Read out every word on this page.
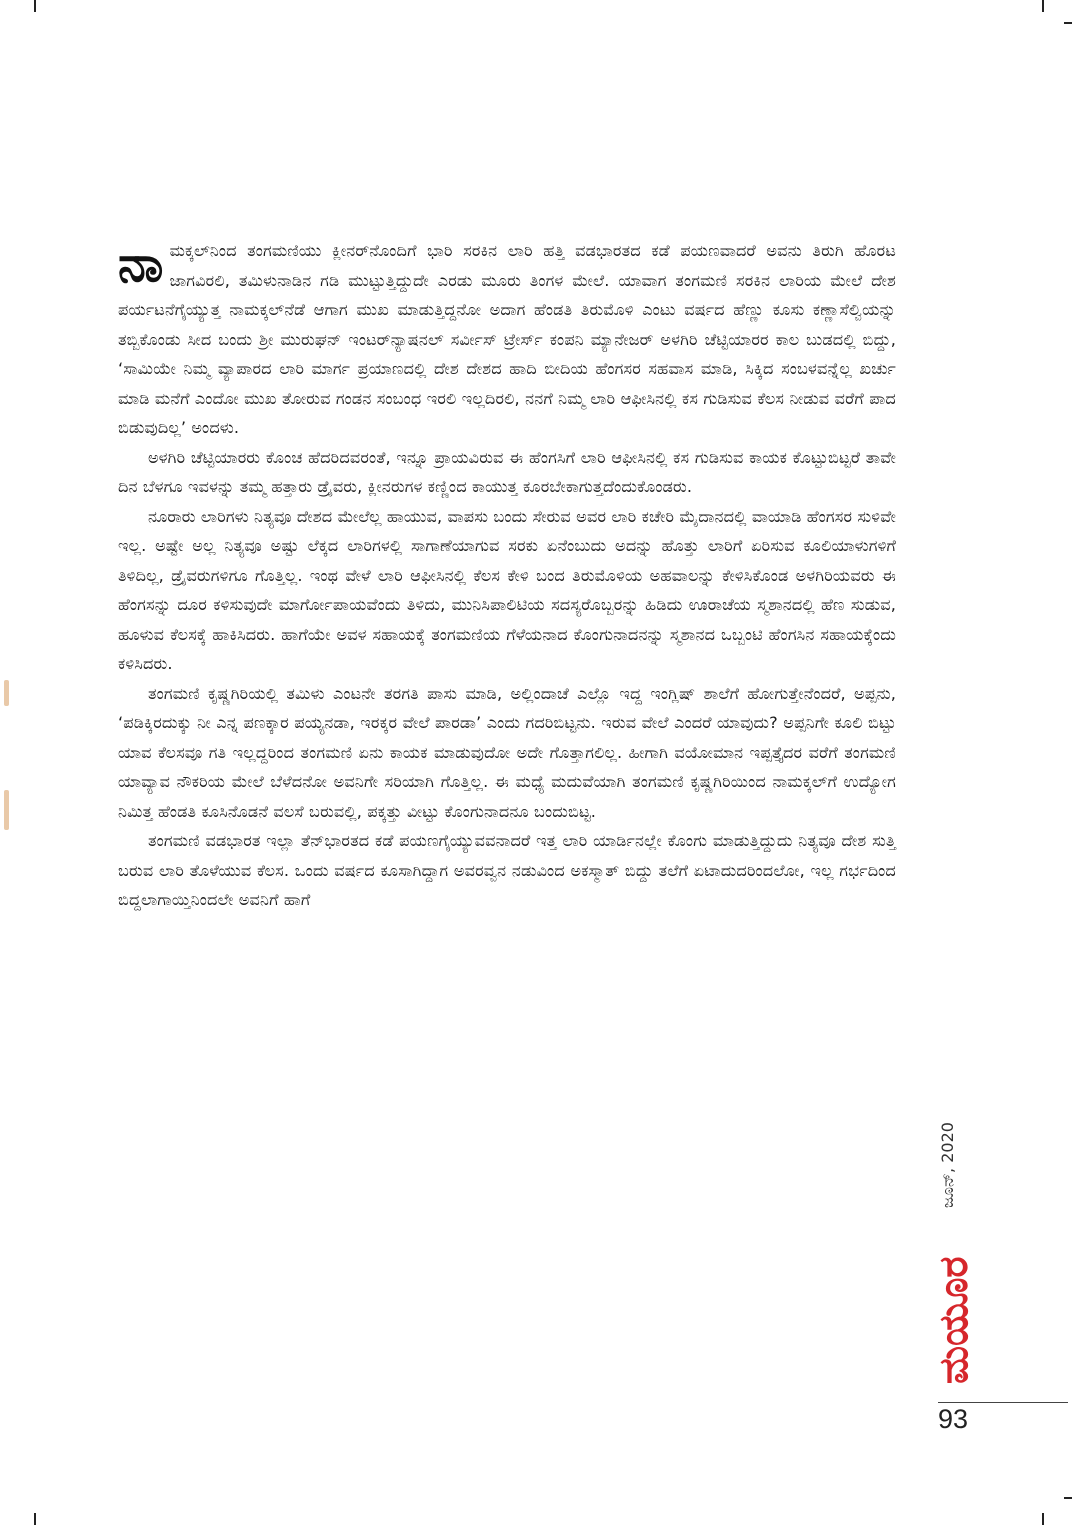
ನಾಮಕ್ಕಲ್‌ನಿಂದ ತಂಗಮಣಿಯು ಕ್ಲೀನರ್‌ನೊಂದಿಗೆ ಭಾರಿ ಸರಕಿನ ಲಾರಿ ಹತ್ತಿ ವಡಭಾರತದ ಕಡೆ ಪಯಣವಾದರೆ ಅವನು ತಿರುಗಿ ಹೊರಟ ಜಾಗವಿರಲಿ, ತಮಿಳುನಾಡಿನ ಗಡಿ ಮುಟ್ಟುತ್ತಿದ್ದುದೇ ಎರಡು ಮೂರು ತಿಂಗಳ ಮೇಲೆ. ಯಾವಾಗ ತಂಗಮಣಿ ಸರಕಿನ ಲಾರಿಯ ಮೇಲೆ ದೇಶ ಪರ್ಯಟನೆಗೈಯ್ಯುತ್ತ ನಾಮಕ್ಕಲ್‌ನೆಡೆ ಆಗಾಗ ಮುಖ ಮಾಡುತ್ತಿದ್ದನೋ ಅದಾಗ ಹೆಂಡತಿ ತಿರುಮೊಳಿ ಎಂಟು ವರ್ಷದ ಹೆಣ್ಣು ಕೂಸು ಕಣ್ಣಾಸೆಲ್ವಿಯನ್ನು ತಬ್ಬಿಕೊಂಡು ಸೀದ ಬಂದು ಶ್ರೀ ಮುರುಘನ್ ಇಂಟರ್‌ನ್ಯಾಷನಲ್ ಸರ್ವೀಸ್ ಟ್ರೇರ್ಸ್ ಕಂಪನಿ ಮ್ಯಾನೇಜರ್ ಅಳಗಿರಿ ಚೆಟ್ಟಿಯಾರರ ಕಾಲ ಬುಡದಲ್ಲಿ ಬಿದ್ದು, ‘ಸಾಮಿಯೇ ನಿಮ್ಮ ವ್ಯಾಪಾರದ ಲಾರಿ ಮಾರ್ಗ ಪ್ರಯಾಣದಲ್ಲಿ ದೇಶ ದೇಶದ ಹಾದಿ ಬೀದಿಯ ಹೆಂಗಸರ ಸಹವಾಸ ಮಾಡಿ, ಸಿಕ್ಕಿದ ಸಂಬಳವನ್ನೆಲ್ಲ ಖರ್ಚು ಮಾಡಿ ಮನೆಗೆ ಎಂದೋ ಮುಖ ತೋರುವ ಗಂಡನ ಸಂಬಂಧ ಇರಲಿ ಇಲ್ಲದಿರಲಿ, ನನಗೆ ನಿಮ್ಮ ಲಾರಿ ಆಫೀಸಿನಲ್ಲಿ ಕಸ ಗುಡಿಸುವ ಕೆಲಸ ನೀಡುವ ವರೆಗೆ ಪಾದ ಬಿಡುವುದಿಲ್ಲ’ ಅಂದಳು.

ಅಳಗಿರಿ ಚೆಟ್ಟಿಯಾರರು ಕೊಂಚ ಹೆದರಿದವರಂತೆ, ಇನ್ನೂ ಪ್ರಾಯವಿರುವ ಈ ಹೆಂಗಸಿಗೆ ಲಾರಿ ಆಫೀಸಿನಲ್ಲಿ ಕಸ ಗುಡಿಸುವ ಕಾಯಕ ಕೊಟ್ಟುಬಿಟ್ಟರೆ ತಾವೇ ದಿನ ಬೆಳಗೂ ಇವಳನ್ನು ತಮ್ಮ ಹತ್ತಾರು ಡ್ರೈವರು, ಕ್ಲೀನರುಗಳ ಕಣ್ಣಿಂದ ಕಾಯುತ್ತ ಕೂರಬೇಕಾಗುತ್ತದೆಂದುಕೊಂಡರು.

ನೂರಾರು ಲಾರಿಗಳು ನಿತ್ಯವೂ ದೇಶದ ಮೇಲೆಲ್ಲ ಹಾಯುವ, ವಾಪಸು ಬಂದು ಸೇರುವ ಅವರ ಲಾರಿ ಕಚೇರಿ ಮೈದಾನದಲ್ಲಿ ವಾಯಾಡಿ ಹೆಂಗಸರ ಸುಳಿವೇ ಇಲ್ಲ. ಅಷ್ಟೇ ಅಲ್ಲ ನಿತ್ಯವೂ ಅಷ್ಟು ಲೆಕ್ಕದ ಲಾರಿಗಳಲ್ಲಿ ಸಾಗಾಣೆಯಾಗುವ ಸರಕು ಏನೆಂಬುದು ಅದನ್ನು ಹೊತ್ತು ಲಾರಿಗೆ ಏರಿಸುವ ಕೂಲಿಯಾಳುಗಳಿಗೆ ತಿಳಿದಿಲ್ಲ, ಡ್ರೈವರುಗಳಿಗೂ ಗೊತ್ತಿಲ್ಲ. ಇಂಥ ವೇಳೆ ಲಾರಿ ಆಫೀಸಿನಲ್ಲಿ ಕೆಲಸ ಕೇಳಿ ಬಂದ ತಿರುಮೊಳಿಯ ಅಹವಾಲನ್ನು ಕೇಳಿಸಿಕೊಂಡ ಅಳಗಿರಿಯವರು ಈ ಹೆಂಗಸನ್ನು ದೂರ ಕಳಿಸುವುದೇ ಮಾರ್ಗೋಪಾಯವೆಂದು ತಿಳಿದು, ಮುನಿಸಿಪಾಲಿಟಿಯ ಸದಸ್ಯರೊಬ್ಬರನ್ನು ಹಿಡಿದು ಊರಾಚೆಯ ಸ್ಮಶಾನದಲ್ಲಿ ಹೆಣ ಸುಡುವ, ಹೂಳುವ ಕೆಲಸಕ್ಕೆ ಹಾಕಿಸಿದರು. ಹಾಗೆಯೇ ಅವಳ ಸಹಾಯಕ್ಕೆ ತಂಗಮಣಿಯ ಗೆಳೆಯನಾದ ಕೊಂಗುನಾದನನ್ನು ಸ್ಮಶಾನದ ಒಬ್ಬಂಟಿ ಹೆಂಗಸಿನ ಸಹಾಯಕ್ಕೆಂದು ಕಳಿಸಿದರು.

ತಂಗಮಣಿ ಕೃಷ್ಣಗಿರಿಯಲ್ಲಿ ತಮಿಳು ಎಂಟನೇ ತರಗತಿ ಪಾಸು ಮಾಡಿ, ಅಲ್ಲಿಂದಾಚೆ ಎಲ್ಲೊ ಇದ್ದ ಇಂಗ್ಲಿಷ್ ಶಾಲೆಗೆ ಹೋಗುತ್ತೇನೆಂದರೆ, ಅಪ್ಪನು, ‘ಪಡಿಕ್ಕಿರದುಕ್ಕು ನೀ ಎನ್ನ ಪಣಕ್ಕಾರ ಪಯ್ಯನಡಾ, ಇರಕ್ಕರ ವೇಲೆ ಪಾರಡಾ’ ಎಂದು ಗದರಿಬಿಟ್ಟನು. ಇರುವ ವೇಲೆ ಎಂದರೆ ಯಾವುದು? ಅಪ್ಪನಿಗೇ ಕೂಲಿ ಬಿಟ್ಟು ಯಾವ ಕೆಲಸವೂ ಗತಿ ಇಲ್ಲದ್ದರಿಂದ ತಂಗಮಣಿ ಏನು ಕಾಯಕ ಮಾಡುವುದೋ ಅದೇ ಗೊತ್ತಾಗಲಿಲ್ಲ. ಹೀಗಾಗಿ ವಯೋಮಾನ ಇಪ್ಪತ್ತೈದರ ವರೆಗೆ ತಂಗಮಣಿ ಯಾವ್ಯಾವ ನೌಕರಿಯ ಮೇಲೆ ಬೆಳೆದನೋ ಅವನಿಗೇ ಸರಿಯಾಗಿ ಗೊತ್ತಿಲ್ಲ. ಈ ಮಧ್ಯೆ ಮದುವೆಯಾಗಿ ತಂಗಮಣಿ ಕೃಷ್ಣಗಿರಿಯಿಂದ ನಾಮಕ್ಕಲ್‌ಗೆ ಉದ್ಯೋಗ ನಿಮಿತ್ತ ಹೆಂಡತಿ ಕೂಸಿನೊಡನೆ ವಲಸೆ ಬರುವಲ್ಲಿ, ಪಕ್ಕತ್ತು ವೀಟ್ಟು ಕೊಂಗುನಾದನೂ ಬಂದುಬಿಟ್ಟ.

ತಂಗಮಣಿ ವಡಭಾರತ ಇಲ್ಲಾ ತೆನ್‌ಭಾರತದ ಕಡೆ ಪಯಣಗೈಯ್ಯುವವನಾದರೆ ಇತ್ತ ಲಾರಿ ಯಾರ್ಡಿನಲ್ಲೇ ಕೊಂಗು ಮಾಡುತ್ತಿದ್ದುದು ನಿತ್ಯವೂ ದೇಶ ಸುತ್ತಿ ಬರುವ ಲಾರಿ ತೊಳೆಯುವ ಕೆಲಸ. ಒಂದು ವರ್ಷದ ಕೂಸಾಗಿದ್ದಾಗ ಅವರವ್ವನ ನಡುವಿಂದ ಅಕಸ್ಮಾತ್ ಬಿದ್ದು ತಲೆಗೆ ಏಟಾದುದರಿಂದಲೋ, ಇಲ್ಲ ಗರ್ಭದಿಂದ ಬಿದ್ದಲಾಗಾಯ್ತಿನಿಂದಲೇ ಅವನಿಗೆ ಹಾಗೆ

ಜೂನ್, 2020
ಮಯೂರ
93
